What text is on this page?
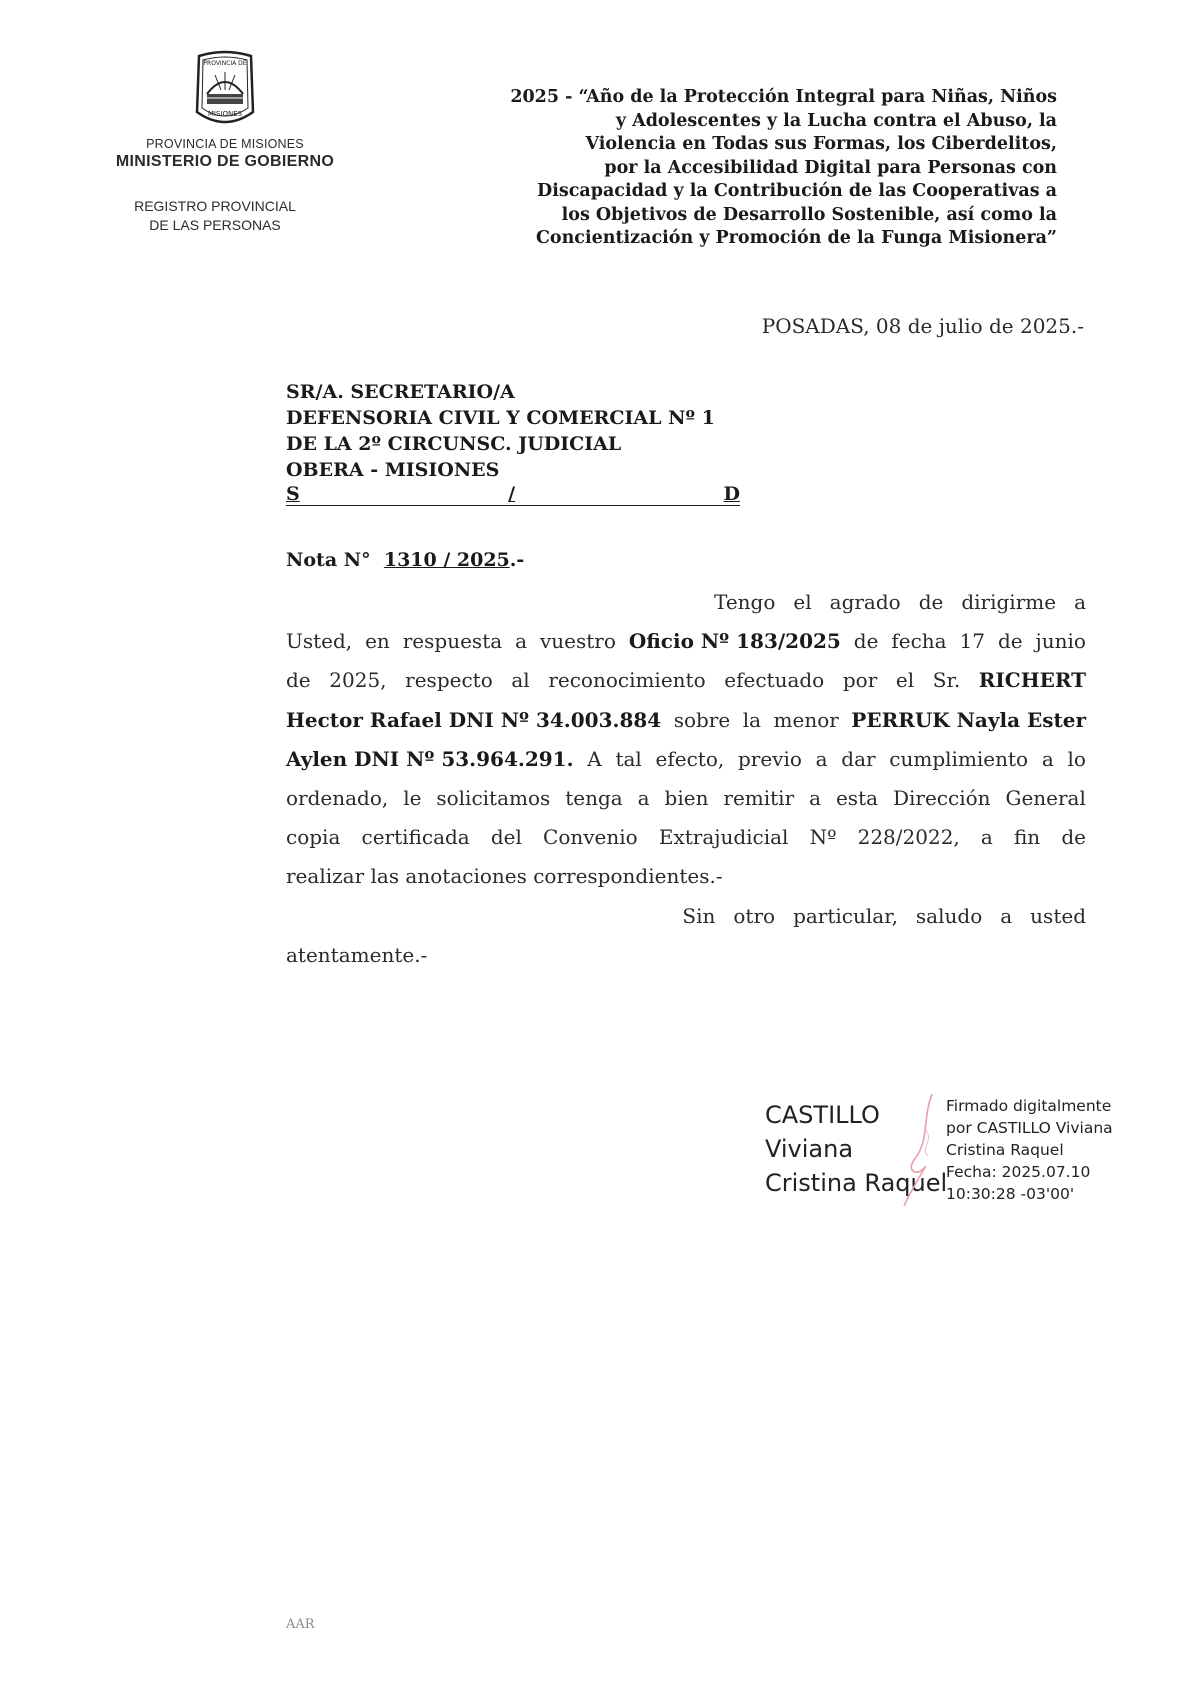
PROVINCIA DE
MISIONES
PROVINCIA DE MISIONES
MINISTERIO DE GOBIERNO
REGISTRO PROVINCIAL
DE LAS PERSONAS
2025 - “Año de la Protección Integral para Niñas, Niños
y Adolescentes y la Lucha contra el Abuso, la
Violencia en Todas sus Formas, los Ciberdelitos,
por la Accesibilidad Digital para Personas con
Discapacidad y la Contribución de las Cooperativas a
los Objetivos de Desarrollo Sostenible, así como la
Concientización y Promoción de la Funga Misionera”
POSADAS, 08 de julio de 2025.-
SR/A. SECRETARIO/A
DEFENSORIA CIVIL Y COMERCIAL Nº 1
DE LA 2º CIRCUNSC. JUDICIAL
OBERA - MISIONES
S	/	D
Nota N° 1310 / 2025.-
Tengo el agrado de dirigirme a
Usted, en respuesta a vuestro Oficio Nº 183/2025 de fecha 17 de junio
de 2025, respecto al reconocimiento efectuado por el Sr. RICHERT
Hector Rafael DNI Nº 34.003.884 sobre la menor PERRUK Nayla Ester
Aylen DNI Nº 53.964.291. A tal efecto, previo a dar cumplimiento a lo
ordenado, le solicitamos tenga a bien remitir a esta Dirección General
copia certificada del Convenio Extrajudicial Nº 228/2022, a fin de
realizar las anotaciones correspondientes.-
Sin otro particular, saludo a usted
atentamente.-
CASTILLO
Viviana
Cristina Raquel
Firmado digitalmente
por CASTILLO Viviana
Cristina Raquel
Fecha: 2025.07.10
10:30:28 -03'00'
AAR
